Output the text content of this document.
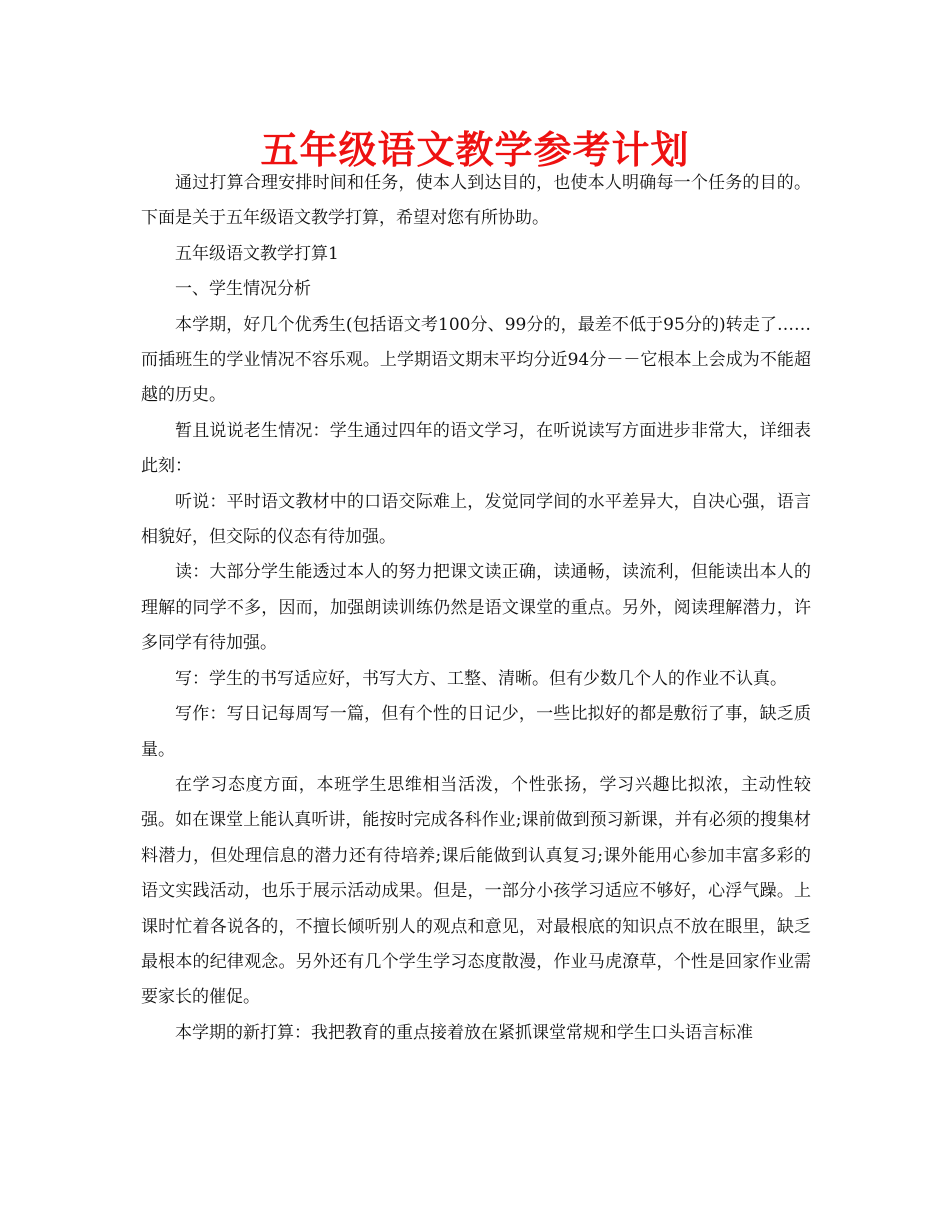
五年级语文教学参考计划

通过打算合理安排时间和任务，使本人到达目的，也使本人明确每一个任务的目的。下面是关于五年级语文教学打算，希望对您有所协助。

五年级语文教学打算1

一、学生情况分析

本学期，好几个优秀生(包括语文考100分、99分的，最差不低于95分的)转走了……而插班生的学业情况不容乐观。上学期语文期末平均分近94分－－它根本上会成为不能超越的历史。

暂且说说老生情况：学生通过四年的语文学习，在听说读写方面进步非常大，详细表此刻：

听说：平时语文教材中的口语交际难上，发觉同学间的水平差异大，自决心强，语言相貌好，但交际的仪态有待加强。

读：大部分学生能透过本人的努力把课文读正确，读通畅，读流利，但能读出本人的理解的同学不多，因而，加强朗读训练仍然是语文课堂的重点。另外，阅读理解潜力，许多同学有待加强。

写：学生的书写适应好，书写大方、工整、清晰。但有少数几个人的作业不认真。

写作：写日记每周写一篇，但有个性的日记少，一些比拟好的都是敷衍了事，缺乏质量。

在学习态度方面，本班学生思维相当活泼，个性张扬，学习兴趣比拟浓，主动性较强。如在课堂上能认真听讲，能按时完成各科作业;课前做到预习新课，并有必须的搜集材料潜力，但处理信息的潜力还有待培养;课后能做到认真复习;课外能用心参加丰富多彩的语文实践活动，也乐于展示活动成果。但是，一部分小孩学习适应不够好，心浮气躁。上课时忙着各说各的，不擅长倾听别人的观点和意见，对最根底的知识点不放在眼里，缺乏最根本的纪律观念。另外还有几个学生学习态度散漫，作业马虎潦草，个性是回家作业需要家长的催促。

本学期的新打算：我把教育的重点接着放在紧抓课堂常规和学生口头语言标准
